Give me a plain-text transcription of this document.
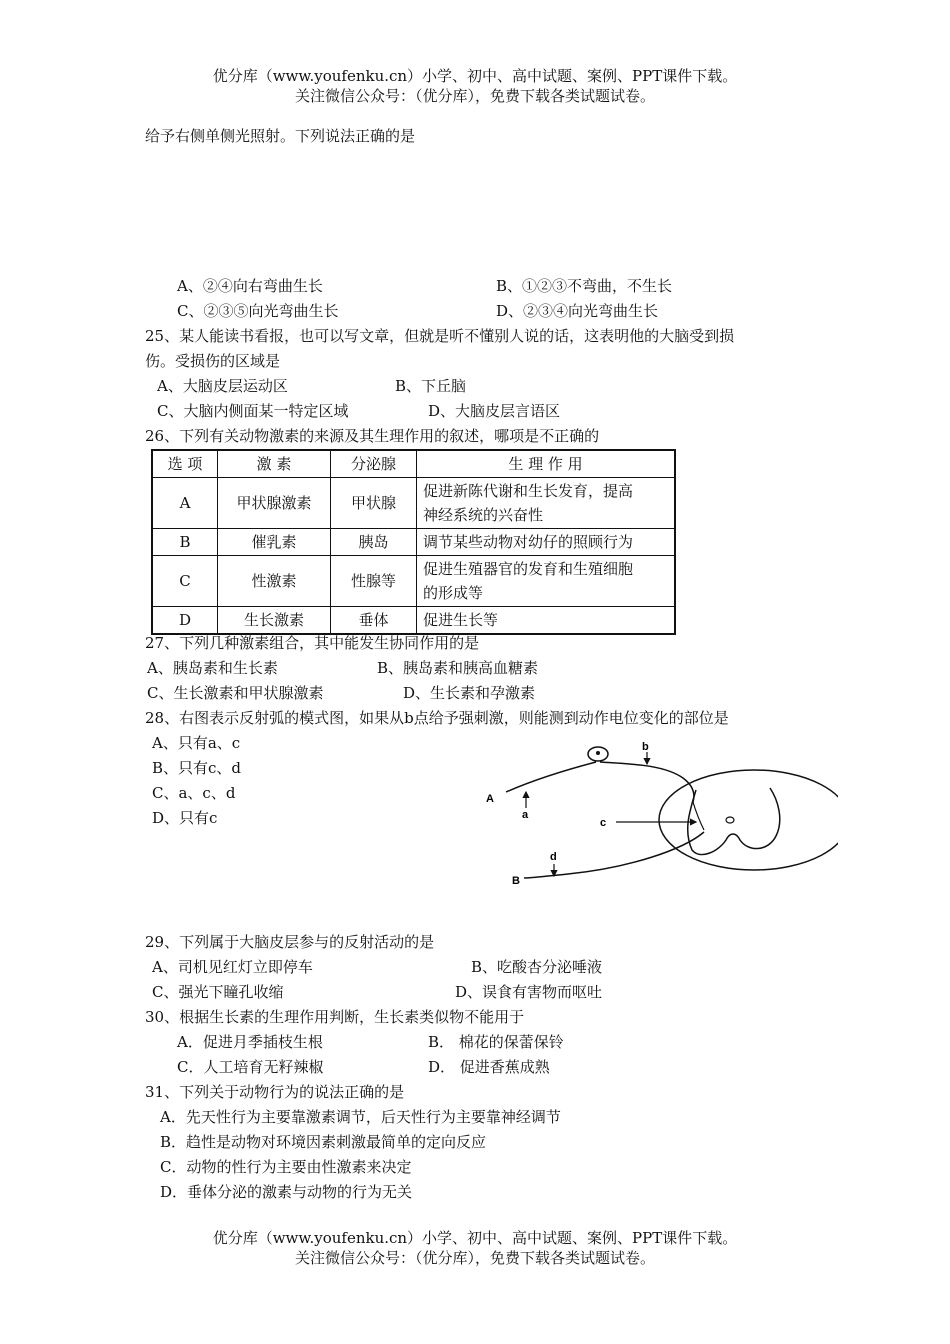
优分库（www.youfenku.cn）小学、初中、高中试题、案例、PPT课件下载。
关注微信公众号：（优分库），免费下载各类试题试卷。
给予右侧单侧光照射。下列说法正确的是
A、②④向右弯曲生长	B、①②③不弯曲，不生长
C、②③⑤向光弯曲生长	D、②③④向光弯曲生长
25、某人能读书看报，也可以写文章，但就是听不懂别人说的话，这表明他的大脑受到损
伤。受损伤的区域是
A、大脑皮层运动区	B、下丘脑
C、大脑内侧面某一特定区域	D、大脑皮层言语区
26、下列有关动物激素的来源及其生理作用的叙述，哪项是不正确的
选 项	激 素	分泌腺	生 理 作 用
A	甲状腺激素	甲状腺	促进新陈代谢和生长发育，提高
神经系统的兴奋性
B	催乳素	胰岛	调节某些动物对幼仔的照顾行为
C	性激素	性腺等	促进生殖器官的发育和生殖细胞
的形成等
D	生长激素	垂体	促进生长等
27、下列几种激素组合，其中能发生协同作用的是
A、胰岛素和生长素	B、胰岛素和胰高血糖素
C、生长激素和甲状腺激素	D、生长素和孕激素
28、右图表示反射弧的模式图，如果从b点给予强刺激，则能测到动作电位变化的部位是
A、只有a、c
B、只有c、d
C、a、c、d
D、只有c
A
a
b
c
d
B
29、下列属于大脑皮层参与的反射活动的是
A、司机见红灯立即停车	B、吃酸杏分泌唾液
C、强光下瞳孔收缩	D、误食有害物而呕吐
30、根据生长素的生理作用判断，生长素类似物不能用于
A．促进月季插枝生根	B． 棉花的保蕾保铃
C．人工培育无籽辣椒	D． 促进香蕉成熟
31、下列关于动物行为的说法正确的是
A．先天性行为主要靠激素调节，后天性行为主要靠神经调节
B．趋性是动物对环境因素刺激最简单的定向反应
C．动物的性行为主要由性激素来决定
D．垂体分泌的激素与动物的行为无关
优分库（www.youfenku.cn）小学、初中、高中试题、案例、PPT课件下载。
关注微信公众号：（优分库），免费下载各类试题试卷。
